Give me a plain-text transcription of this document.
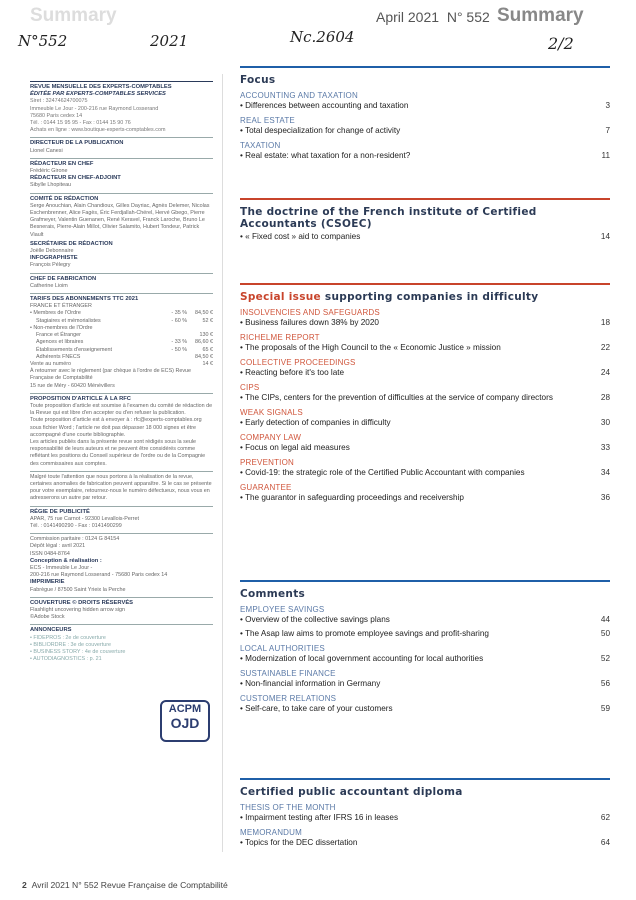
Summary	April 2021 N° 552 Summary
N°552	2021	Nc.2604	2/2
REVUE MENSUELLE DES EXPERTS-COMPTABLES
ÉDITÉE PAR EXPERTS-COMPTABLES SERVICES
Siret : 32474624700075
Immeuble Le Jour - 200-216 rue Raymond Losserand
75680 Paris cedex 14
Tél. : 0144 15 95 95 - Fax : 0144 15 90 76
Achats en ligne : www.boutique-experts-comptables.com
DIRECTEUR DE LA PUBLICATION
Lionel Canesi
RÉDACTEUR EN CHEF
Frédéric Girone
RÉDACTEUR EN CHEF-ADJOINT
Sibylle Lhopiteau
COMITÉ DE RÉDACTION
Serge Anouchian, Alain Chandioux, Gilles Dayriac, Agnès Delemer, Nicolas Eschenbrenner, Alice Fagès, Éric Ferdjallah-Chérel, Hervé Gbego, Pierre Grafmeyer, Valentin Guenanen, René Keravel, Franck Laroche, Bruno Le Besnerais, Pierre-Alain Millot, Olivier Salamito, Hubert Tondeur, Patrick Viault
SECRÉTAIRE DE RÉDACTION
Joëlle Debonnaire
INFOGRAPHISTE
François Pélegry
CHEF DE FABRICATION
Catherine Lioim
TARIFS DES ABONNEMENTS TTC 2021
FRANCE ET ÉTRANGER
• Membres de l'Ordre	- 35 %	84,50 €
Stagiaires et mémorialistes	- 60 %	52 €
• Non-membres de l'Ordre
France et Étranger	130 €
Agences et libraires	- 33 %	86,60 €
Établissements d'enseignement	- 50 %	65 €
Adhérents FNECS	84,50 €
Vente au numéro	14 €
À retourner avec le règlement (par chèque à l'ordre de ECS) Revue Française de Comptabilité
15 rue de Méry - 60420 Ménévillers
PROPOSITION D'ARTICLE À LA RFC
Toute proposition d'article est soumise à l'examen du comité de rédaction de la Revue qui est libre d'en accepter ou d'en refuser la publication.
Toute proposition d'article est à envoyer à : rfc@experts-comptables.org sous fichier Word ; l'article ne doit pas dépasser 18 000 signes et être accompagné d'une courte bibliographie.
Les articles publiés dans la présente revue sont rédigés sous la seule responsabilité de leurs auteurs et ne peuvent être considérés comme reflétant les positions du Conseil supérieur de l'ordre ou de la Compagnie des commissaires aux comptes.
Malgré toute l'attention que nous portons à la réalisation de la revue, certaines anomalies de fabrication peuvent apparaître. Si le cas se présente pour votre exemplaire, retournez-nous le numéro défectueux, nous vous en adresserons un autre par retour.
RÉGIE DE PUBLICITÉ
APAR, 75 rue Carnot - 92300 Levallois-Perret
Tél. : 0141490290 - Fax : 0141490299
Commission paritaire : 0124 G 84154
Dépôt légal : avril 2021
ISSN 0484-8764
Conception & réalisation :
ECS - Immeuble Le Jour -
200-216 rue Raymond Losserand - 75680 Paris cedex 14
IMPRIMERIE
Fabrègue / 87500 Saint Yrieix la Perche
COUVERTURE © DROITS RÉSERVÉS
Flashlight uncovering hidden arrow sign
©Adobe Stock
ANNONCEURS
• FIDEPROS : 2e de couverture
• BIBLIORDRE : 3e de couverture
• BUSINESS STORY : 4e de couverture
• AUTODIAGNOSTICS : p. 21
ACPM
OJD
Focus
ACCOUNTING AND TAXATION
• Differences between accounting and taxation	3
REAL ESTATE
• Total despecialization for change of activity	7
TAXATION
• Real estate: what taxation for a non-resident?	11
The doctrine of the French institute of Certified Accountants (CSOEC)
• « Fixed cost » aid to companies	14
Special issue supporting companies in difficulty
INSOLVENCIES AND SAFEGUARDS
• Business failures down 38% by 2020	18
RICHELME REPORT
• The proposals of the High Council to the « Economic Justice » mission	22
COLLECTIVE PROCEEDINGS
• Reacting before it's too late	24
CIPS
• The CIPs, centers for the prevention of difficulties at the service of company directors	28
WEAK SIGNALS
• Early detection of companies in difficulty	30
COMPANY LAW
• Focus on legal aid measures	33
PREVENTION
• Covid-19: the strategic role of the Certified Public Accountant with companies	34
GUARANTEE
• The guarantor in safeguarding proceedings and receivership	36
Comments
EMPLOYEE SAVINGS
• Overview of the collective savings plans	44
• The Asap law aims to promote employee savings and profit-sharing	50
LOCAL AUTHORITIES
• Modernization of local government accounting for local authorities	52
SUSTAINABLE FINANCE
• Non-financial information in Germany	56
CUSTOMER RELATIONS
• Self-care, to take care of your customers	59
Certified public accountant diploma
THESIS OF THE MONTH
• Impairment testing after IFRS 16 in leases	62
MEMORANDUM
• Topics for the DEC dissertation	64
2 Avril 2021 N° 552 Revue Française de Comptabilité
